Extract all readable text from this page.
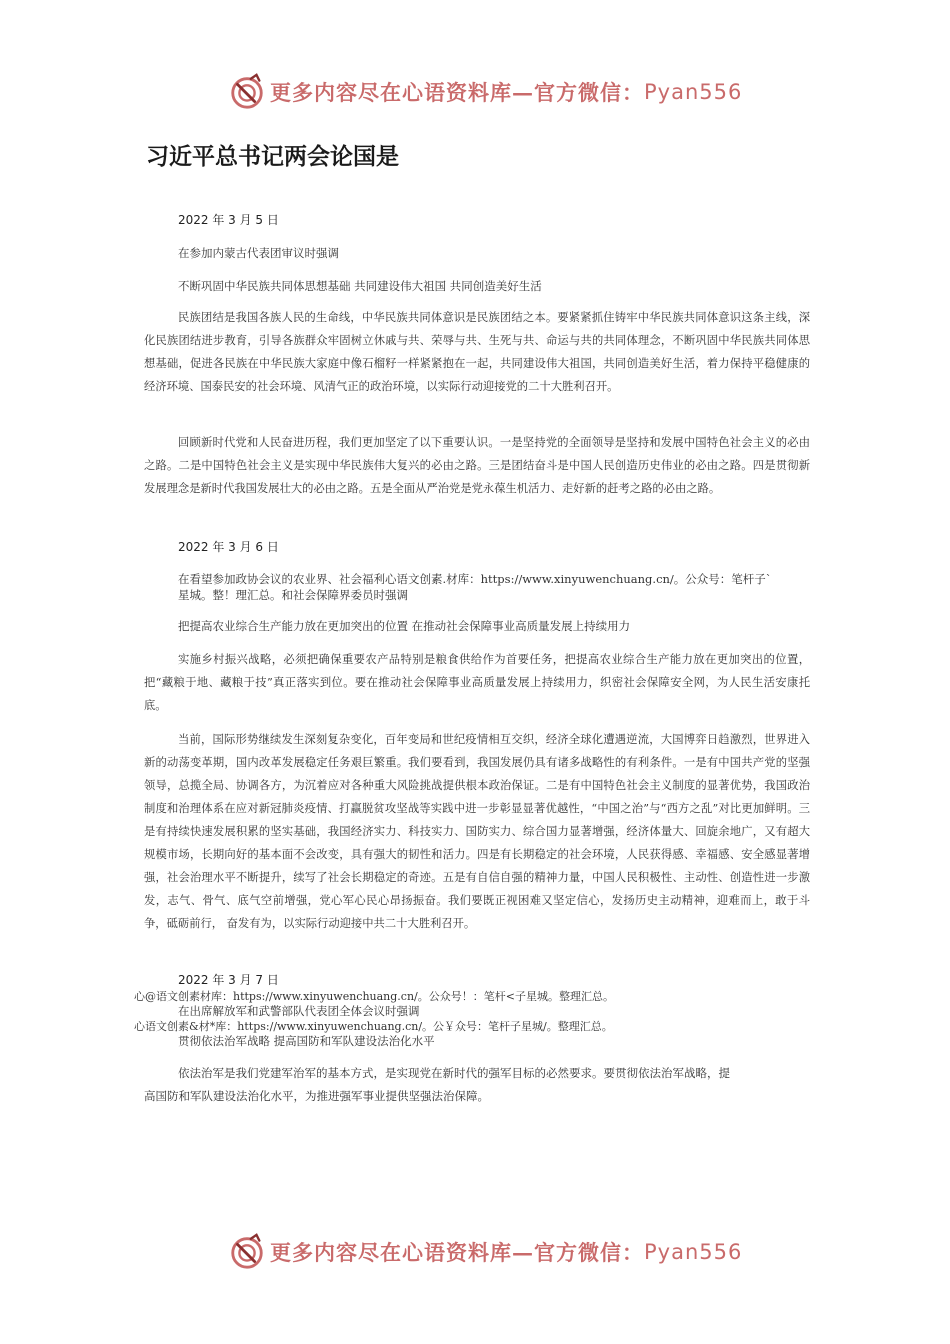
更多内容尽在心语资料库—官方微信： Pyan556
习近平总书记两会论国是
2022 年 3 月 5 日
在参加内蒙古代表团审议时强调
不断巩固中华民族共同体思想基础 共同建设伟大祖国 共同创造美好生活

民族团结是我国各族人民的生命线，中华民族共同体意识是民族团结之本。要紧紧抓住铸牢中华民族共同体意识这条主线，深化民族团结进步教育，引导各族群众牢固树立休戚与共、荣辱与共、生死与共、命运与共的共同体理念，不断巩固中华民族共同体思想基础，促进各民族在中华民族大家庭中像石榴籽一样紧紧抱在一起，共同建设伟大祖国，共同创造美好生活，着力保持平稳健康的经济环境、国泰民安的社会环境、风清气正的政治环境，以实际行动迎接党的二十大胜利召开。

回顾新时代党和人民奋进历程，我们更加坚定了以下重要认识。一是坚持党的全面领导是坚持和发展中国特色社会主义的必由之路。二是中国特色社会主义是实现中华民族伟大复兴的必由之路。三是团结奋斗是中国人民创造历史伟业的必由之路。四是贯彻新发展理念是新时代我国发展壮大的必由之路。五是全面从严治党是党永葆生机活力、走好新的赶考之路的必由之路。

2022 年 3 月 6 日
在看望参加政协会议的农业界、社会福利心语文创素.材库：https://www.xinyuwenchuang.cn/。公众号：笔杆子`
星城。整！理汇总。和社会保障界委员时强调
把提高农业综合生产能力放在更加突出的位置 在推动社会保障事业高质量发展上持续用力

实施乡村振兴战略，必须把确保重要农产品特别是粮食供给作为首要任务，把提高农业综合生产能力放在更加突出的位置，把“藏粮于地、藏粮于技”真正落实到位。要在推动社会保障事业高质量发展上持续用力，织密社会保障安全网，为人民生活安康托底。

当前，国际形势继续发生深刻复杂变化，百年变局和世纪疫情相互交织，经济全球化遭遇逆流，大国博弈日趋激烈，世界进入新的动荡变革期，国内改革发展稳定任务艰巨繁重。我们要看到，我国发展仍具有诸多战略性的有利条件。一是有中国共产党的坚强领导，总揽全局、协调各方，为沉着应对各种重大风险挑战提供根本政治保证。二是有中国特色社会主义制度的显著优势，我国政治制度和治理体系在应对新冠肺炎疫情、打赢脱贫攻坚战等实践中进一步彰显显著优越性，“中国之治”与“西方之乱”对比更加鲜明。三是有持续快速发展积累的坚实基础，我国经济实力、科技实力、国防实力、综合国力显著增强，经济体量大、回旋余地广，又有超大规模市场，长期向好的基本面不会改变，具有强大的韧性和活力。四是有长期稳定的社会环境，人民获得感、幸福感、安全感显著增强，社会治理水平不断提升，续写了社会长期稳定的奇迹。五是有自信自强的精神力量，中国人民积极性、主动性、创造性进一步激发，志气、骨气、底气空前增强，党心军心民心昂扬振奋。我们要既正视困难又坚定信心，发扬历史主动精神，迎难而上，敢于斗争，砥砺前行， 奋发有为，以实际行动迎接中共二十大胜利召开。

2022 年 3 月 7 日
心@语文创素材库：https://www.xinyuwenchuang.cn/。公众号！：笔杆<子星城。整理汇总。
在出席解放军和武警部队代表团全体会议时强调
心语文创素&材*库：https://www.xinyuwenchuang.cn/。公￥众号：笔杆子星城/。整理汇总。
贯彻依法治军战略 提高国防和军队建设法治化水平
依法治军是我们党建军治军的基本方式，是实现党在新时代的强军目标的必然要求。要贯彻依法治军战略，提
高国防和军队建设法治化水平，为推进强军事业提供坚强法治保障。
更多内容尽在心语资料库—官方微信： Pyan556
